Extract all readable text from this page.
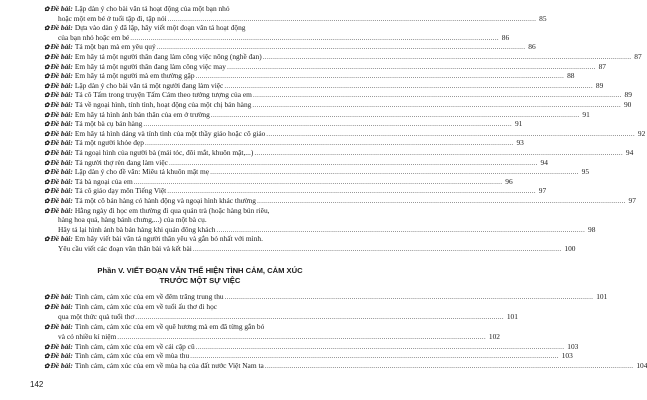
✿Đề bài: Lập dàn ý cho bài văn tả hoạt động của một bạn nhỏ
hoặc một em bé ở tuổi tập đi, tập nói .....	85
✿Đề bài: Dựa vào dàn ý đã lập, hãy viết một đoạn văn tả hoạt động
của bạn nhỏ hoặc em bé .....	86
✿Đề bài: Tả một bạn mà em yêu quý .....	86
✿Đề bài: Em hãy tả một người thân đang làm công việc nông (nghề đan) .....	87
✿Đề bài: Em hãy tả một người thân đang làm công việc may .....	87
✿Đề bài: Em hãy tả một người mà em thường gặp .....	88
✿Đề bài: Lập dàn ý cho bài văn tả một người đang làm việc .....	89
✿Đề bài: Tả cô Tấm trong truyện Tấm Cám theo tưởng tượng của em .....	89
✿Đề bài: Tả về ngoại hình, tính tình, hoạt động của một chị bán hàng .....	90
✿Đề bài: Em hãy tả hình ảnh bản thân của em ở trường .....	91
✿Đề bài: Tả một bà cụ bán hàng .....	91
✿Đề bài: Em hãy tả hình dáng và tính tình của một thầy giáo hoặc cô giáo .....	92
✿Đề bài: Tả một người khỏe đẹp .....	93
✿Đề bài: Tả ngoại hình của người bà (mái tóc, đôi mắt, khuôn mặt,...) .....	94
✿Đề bài: Tả người thợ rèn đang làm việc .....	94
✿Đề bài: Lập dàn ý cho đề văn: Miêu tả khuôn mặt mẹ .....	95
✿Đề bài: Tả bà ngoại của em .....	96
✿Đề bài: Tả cô giáo dạy môn Tiếng Việt .....	97
✿Đề bài: Tả một cô bán hàng có hành động và ngoại hình khác thường .....	97
✿Đề bài: Hằng ngày đi học em thường đi qua quán trà (hoặc hàng bún riêu,
hàng hoa quả, hàng bánh chưng,...) của một bà cụ.
Hãy tả lại hình ảnh bà bán hàng khi quán đông khách .....	98
✿Đề bài: Em hãy viết bài văn tả người thân yêu và gắn bó nhất với mình.
Yêu cầu viết các đoạn văn thân bài và kết bài .....	100
✿Đề bài: Tình cảm, cảm xúc của em về đêm trăng trung thu .....	101
✿Đề bài: Tình cảm, cảm xúc của em về tuổi ấu thơ đi học
qua một thức quà tuổi thơ .....	101
✿Đề bài: Tình cảm, cảm xúc của em về quê hương mà em đã từng gắn bó
và có nhiều kỉ niệm .....	102
✿Đề bài: Tình cảm, cảm xúc của em về cái cặp cũ .....	103
✿Đề bài: Tình cảm, cảm xúc của em về mùa thu .....	103
✿Đề bài: Tình cảm, cảm xúc của em về mùa hạ của đất nước Việt Nam ta .....	104
Phần V. VIẾT ĐOẠN VĂN THỂ HIỆN TÌNH CẢM, CẢM XÚC
TRƯỚC MỘT SỰ VIỆC
142
